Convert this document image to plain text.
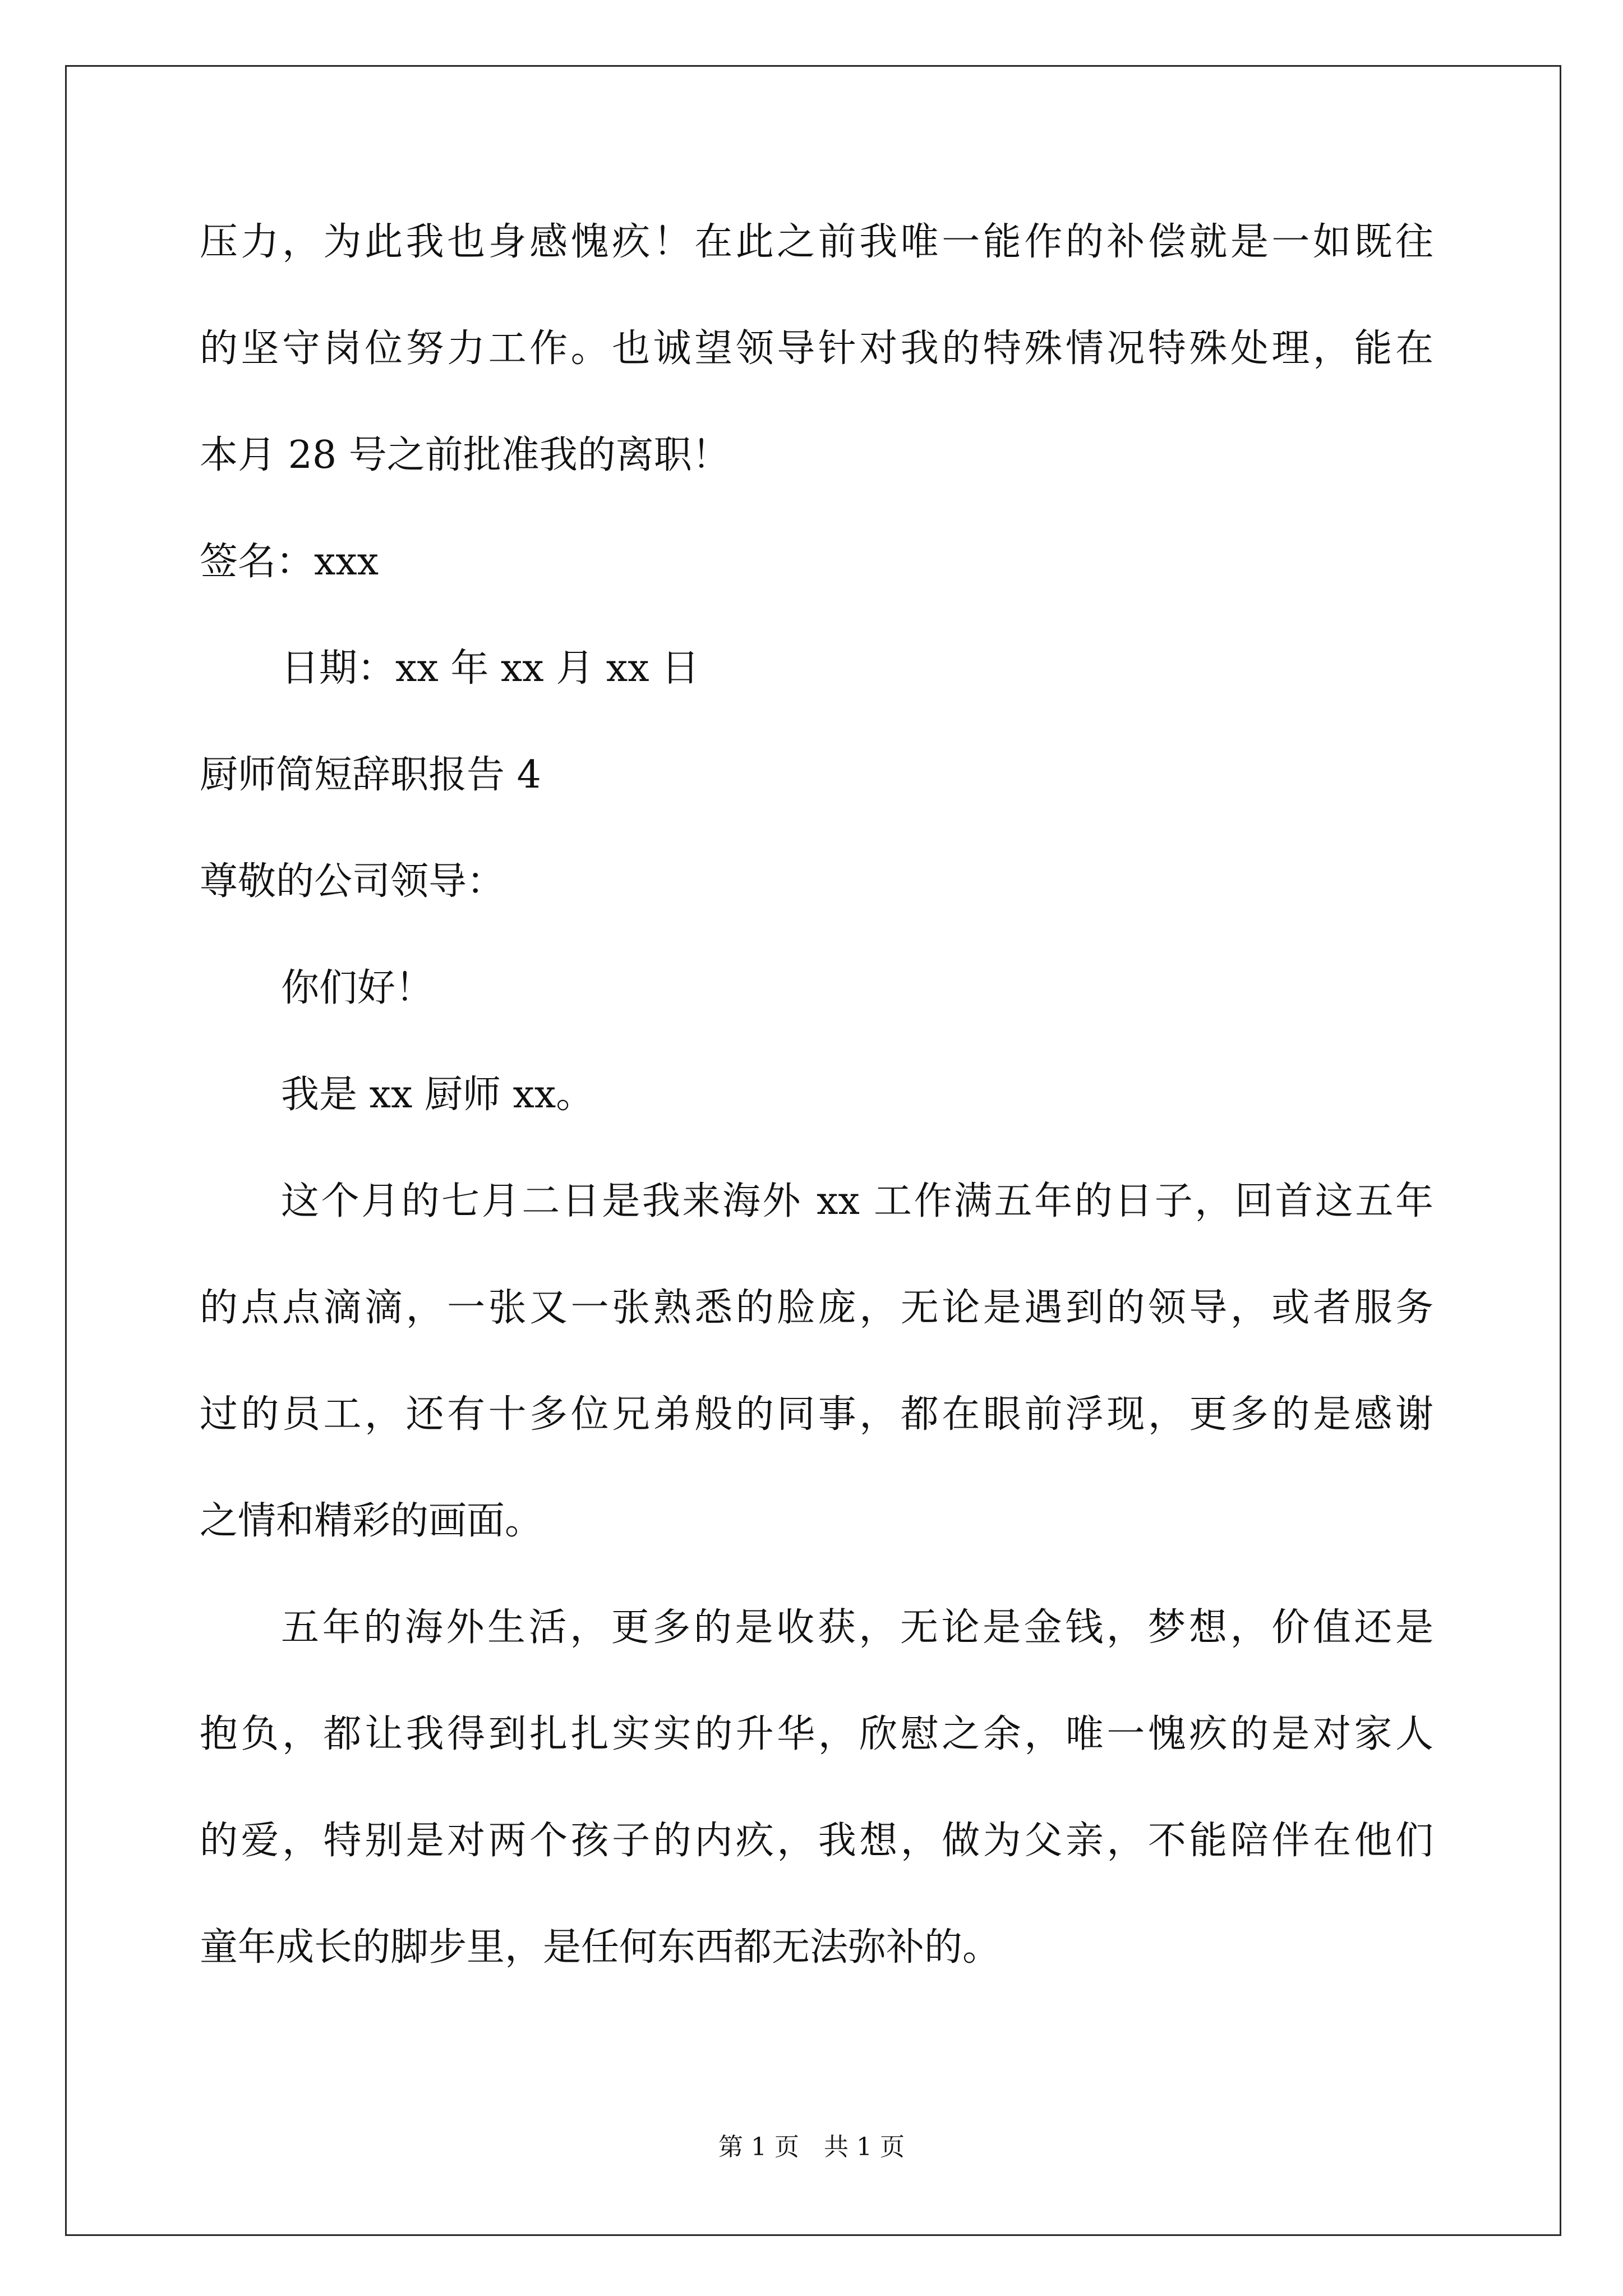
压力，为此我也身感愧疚！在此之前我唯一能作的补偿就是一如既往
的坚守岗位努力工作。也诚望领导针对我的特殊情况特殊处理，能在
本月 28 号之前批准我的离职！
签名：xxx
日期：xx 年 xx 月 xx 日
厨师简短辞职报告 4
尊敬的公司领导：
你们好！
我是 xx 厨师 xx。
这个月的七月二日是我来海外 xx 工作满五年的日子，回首这五年
的点点滴滴，一张又一张熟悉的脸庞，无论是遇到的领导，或者服务
过的员工，还有十多位兄弟般的同事，都在眼前浮现，更多的是感谢
之情和精彩的画面。
五年的海外生活，更多的是收获，无论是金钱，梦想，价值还是
抱负，都让我得到扎扎实实的升华，欣慰之余，唯一愧疚的是对家人
的爱，特别是对两个孩子的内疚，我想，做为父亲，不能陪伴在他们
童年成长的脚步里，是任何东西都无法弥补的。
第 1 页　共 1 页
